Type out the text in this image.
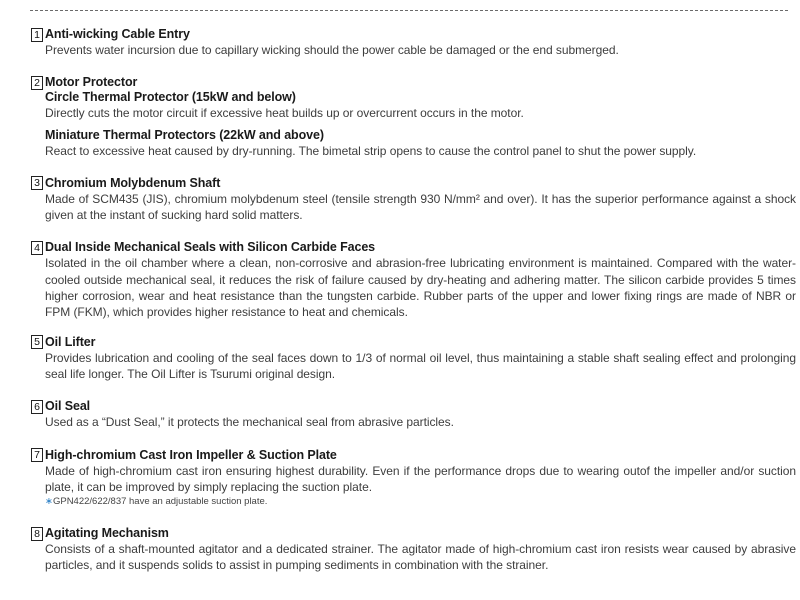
1 Anti-wicking Cable Entry
Prevents water incursion due to capillary wicking should the power cable be damaged or the end submerged.
2 Motor Protector
Circle Thermal Protector (15kW and below)
Directly cuts the motor circuit if excessive heat builds up or overcurrent occurs in the motor.
Miniature Thermal Protectors (22kW and above)
React to excessive heat caused by dry-running. The bimetal strip opens to cause the control panel to shut the power supply.
3 Chromium Molybdenum Shaft
Made of SCM435 (JIS), chromium molybdenum steel (tensile strength 930 N/mm² and over). It has the superior performance against a shock given at the instant of sucking hard solid matters.
4 Dual Inside Mechanical Seals with Silicon Carbide Faces
Isolated in the oil chamber where a clean, non-corrosive and abrasion-free lubricating environment is maintained. Compared with the water-cooled outside mechanical seal, it reduces the risk of failure caused by dry-heating and adhering matter. The silicon carbide provides 5 times higher corrosion, wear and heat resistance than the tungsten carbide. Rubber parts of the upper and lower fixing rings are made of NBR or FPM (FKM), which provides higher resistance to heat and chemicals.
5 Oil Lifter
Provides lubrication and cooling of the seal faces down to 1/3 of normal oil level, thus maintaining a stable shaft sealing effect and prolonging seal life longer. The Oil Lifter is Tsurumi original design.
6 Oil Seal
Used as a “Dust Seal,” it protects the mechanical seal from abrasive particles.
7 High-chromium Cast Iron Impeller & Suction Plate
Made of high-chromium cast iron ensuring highest durability. Even if the performance drops due to wearing outof the impeller and/or suction plate, it can be improved by simply replacing the suction plate.
∗GPN422/622/837 have an adjustable suction plate.
8 Agitating Mechanism
Consists of a shaft-mounted agitator and a dedicated strainer. The agitator made of high-chromium cast iron resists wear caused by abrasive particles, and it suspends solids to assist in pumping sediments in combination with the strainer.
